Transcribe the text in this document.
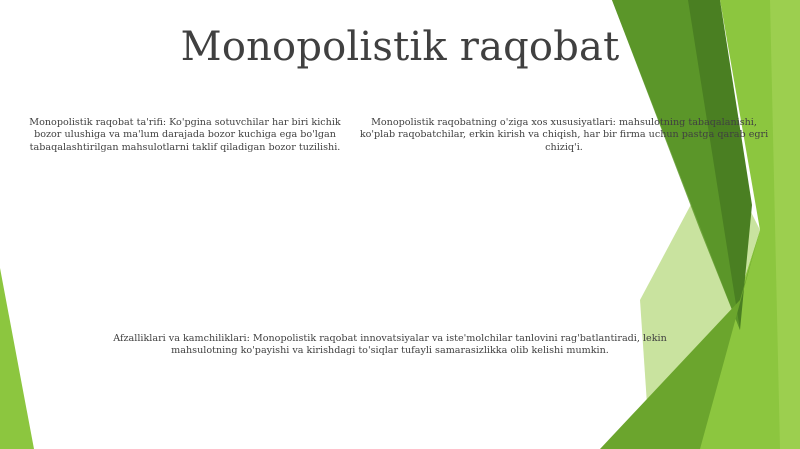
Monopolistik raqobat
Monopolistik raqobat ta'rifi: Ko'pgina sotuvchilar har biri kichik bozor ulushiga va ma'lum darajada bozor kuchiga ega bo'lgan tabaqalashtirilgan mahsulotlarni taklif qiladigan bozor tuzilishi.
Monopolistik raqobatning o'ziga xos xususiyatlari: mahsulotning tabaqalanishi, ko'plab raqobatchilar, erkin kirish va chiqish, har bir firma uchun pastga qarab egri chiziq'i.
Afzalliklari va kamchiliklari: Monopolistik raqobat innovatsiyalar va iste'molchilar tanlovini rag'batlantiradi, lekin mahsulotning ko'payishi va kirishdagi to'siqlar tufayli samarasizlikka olib kelishi mumkin.
